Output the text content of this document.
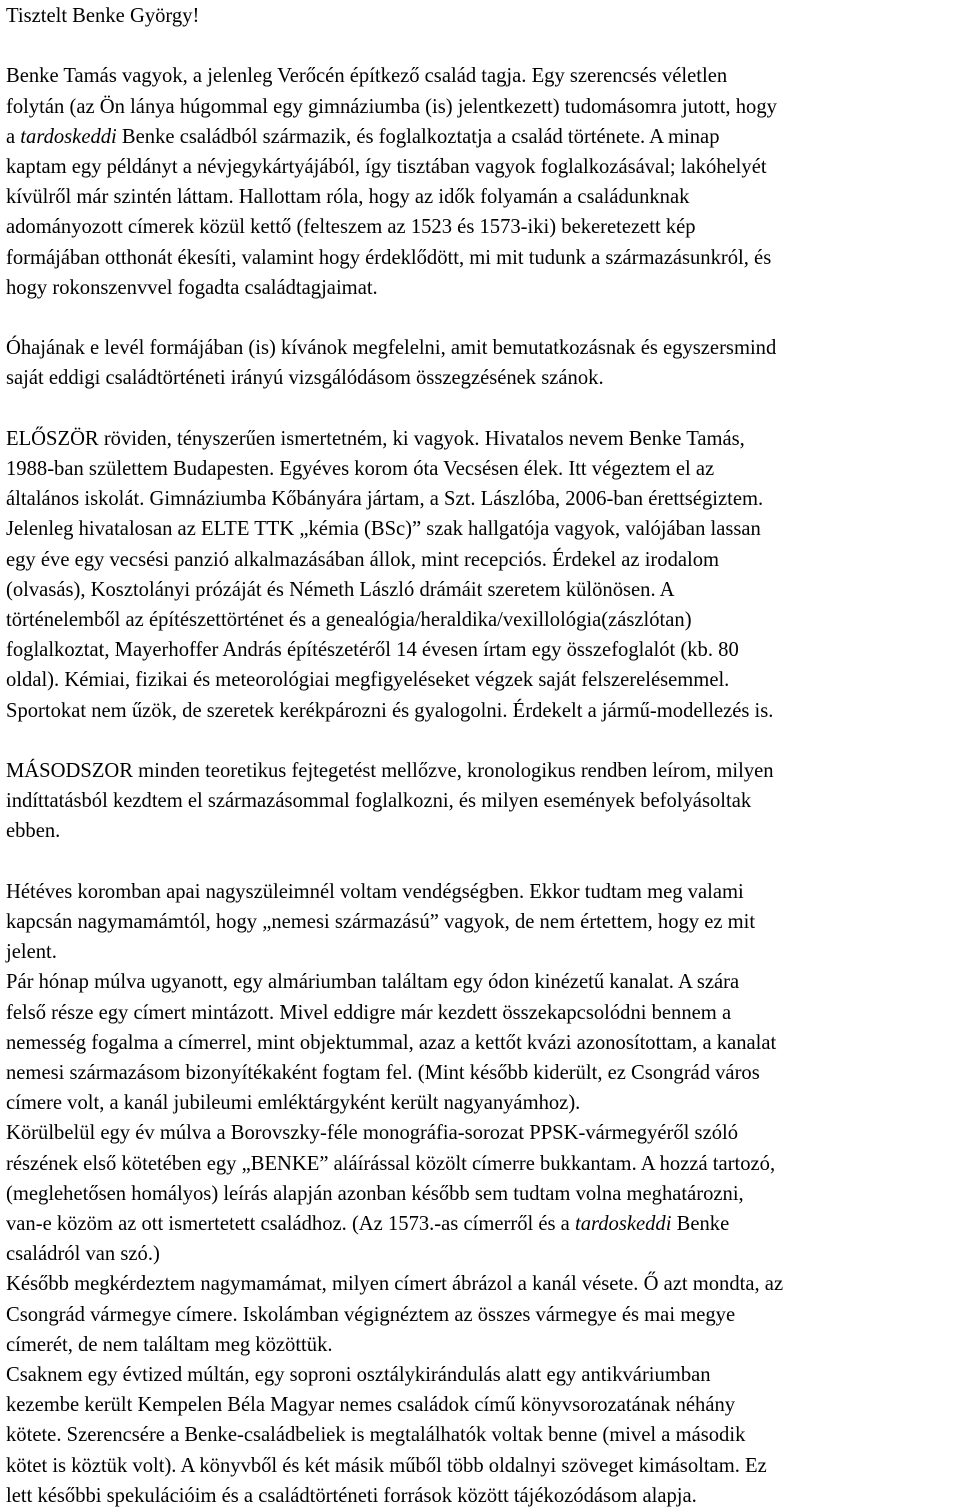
Tisztelt Benke György!

Benke Tamás vagyok, a jelenleg Verőcén építkező család tagja. Egy szerencsés véletlen
folytán (az Ön lánya húgommal egy gimnáziumba (is) jelentkezett) tudomásomra jutott, hogy
a tardoskeddi Benke családból származik, és foglalkoztatja a család története. A minap
kaptam egy példányt a névjegykártyájából, így tisztában vagyok foglalkozásával; lakóhelyét
kívülről már szintén láttam. Hallottam róla, hogy az idők folyamán a családunknak
adományozott címerek közül kettő (felteszem az 1523 és 1573-iki) bekeretezett kép
formájában otthonát ékesíti, valamint hogy érdeklődött, mi mit tudunk a származásunkról, és
hogy rokonszenvvel fogadta családtagjaimat.
Óhajának e levél formájában (is) kívánok megfelelni, amit bemutatkozásnak és egyszersmind
saját eddigi családtörténeti irányú vizsgálódásom összegzésének szánok.
ELŐSZÖR röviden, tényszerűen ismertetném, ki vagyok. Hivatalos nevem Benke Tamás,
1988-ban születtem Budapesten. Egyéves korom óta Vecsésen élek. Itt végeztem el az
általános iskolát. Gimnáziumba Kőbányára jártam, a Szt. Lászlóba, 2006-ban érettségiztem.
Jelenleg hivatalosan az ELTE TTK „kémia (BSc)” szak hallgatója vagyok, valójában lassan
egy éve egy vecsési panzió alkalmazásában állok, mint recepciós. Érdekel az irodalom
(olvasás), Kosztolányi prózáját és Németh László drámáit szeretem különösen. A
történelemből az építészettörténet és a genealógia/heraldika/vexillológia(zászlótan)
foglalkoztat, Mayerhoffer András építészetéről 14 évesen írtam egy összefoglalót (kb. 80
oldal). Kémiai, fizikai és meteorológiai megfigyeléseket végzek saját felszerelésemmel.
Sportokat nem űzök, de szeretek kerékpározni és gyalogolni. Érdekelt a jármű-modellezés is.
MÁSODSZOR minden teoretikus fejtegetést mellőzve, kronologikus rendben leírom, milyen
indíttatásból kezdtem el származásommal foglalkozni, és milyen események befolyásoltak
ebben.
Hétéves koromban apai nagyszüleimnél voltam vendégségben. Ekkor tudtam meg valami
kapcsán nagymamámtól, hogy „nemesi származású” vagyok, de nem értettem, hogy ez mit
jelent.
Pár hónap múlva ugyanott, egy almáriumban találtam egy ódon kinézetű kanalat. A szára
felső része egy címert mintázott. Mivel eddigre már kezdett összekapcsolódni bennem a
nemesség fogalma a címerrel, mint objektummal, azaz a kettőt kvázi azonosítottam, a kanalat
nemesi származásom bizonyítékaként fogtam fel. (Mint később kiderült, ez Csongrád város
címere volt, a kanál jubileumi emléktárgyként került nagyanyámhoz).
Körülbelül egy év múlva a Borovszky-féle monográfia-sorozat PPSK-vármegyéről szóló
részének első kötetében egy „BENKE” aláírással közölt címerre bukkantam. A hozzá tartozó,
(meglehetősen homályos) leírás alapján azonban később sem tudtam volna meghatározni,
van-e közöm az ott ismertetett családhoz. (Az 1573.-as címerről és a tardoskeddi Benke
családról van szó.)
Később megkérdeztem nagymamámat, milyen címert ábrázol a kanál vésete. Ő azt mondta, az
Csongrád vármegye címere. Iskolámban végignéztem az összes vármegye és mai megye
címerét, de nem találtam meg közöttük.
Csaknem egy évtized múltán, egy soproni osztálykirándulás alatt egy antikváriumban
kezembe került Kempelen Béla Magyar nemes családok című könyvsorozatának néhány
kötete. Szerencsére a Benke-családbeliek is megtalálhatók voltak benne (mivel a második
kötet is köztük volt). A könyvből és két másik műből több oldalnyi szöveget kimásoltam. Ez
lett későbbi spekulációim és a családtörténeti források között tájékozódásom alapja.
